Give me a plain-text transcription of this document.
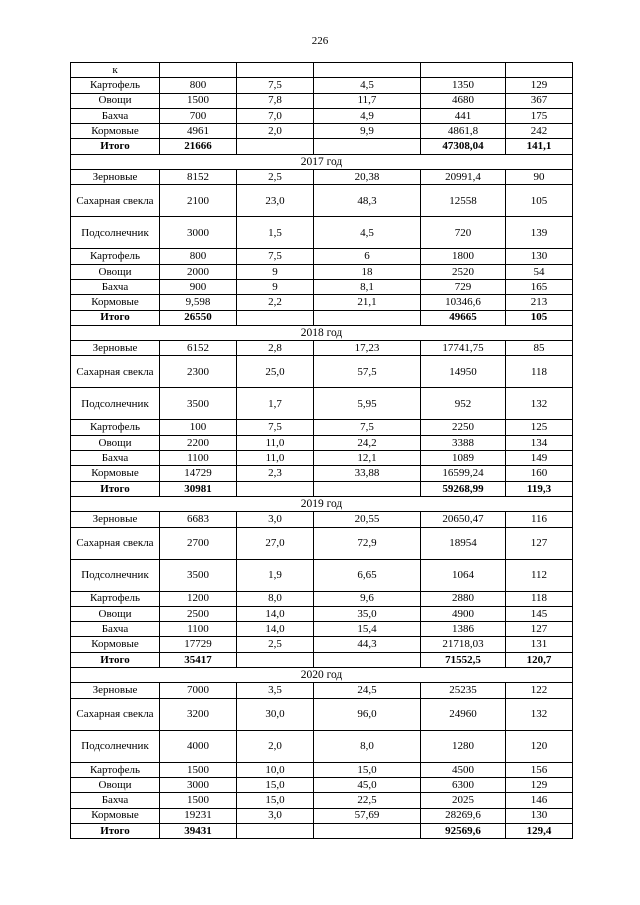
226
к					
Картофель	800	7,5	4,5	1350	129
Овощи	1500	7,8	11,7	4680	367
Бахча	700	7,0	4,9	441	175
Кормовые	4961	2,0	9,9	4861,8	242
Итого	21666			47308,04	141,1
2017 год					
Зерновые	8152	2,5	20,38	20991,4	90
Сахарная свекла	2100	23,0	48,3	12558	105
Подсолнечник	3000	1,5	4,5	720	139
Картофель	800	7,5	6	1800	130
Овощи	2000	9	18	2520	54
Бахча	900	9	8,1	729	165
Кормовые	9,598	2,2	21,1	10346,6	213
Итого	26550			49665	105
2018 год					
Зерновые	6152	2,8	17,23	17741,75	85
Сахарная свекла	2300	25,0	57,5	14950	118
Подсолнечник	3500	1,7	5,95	952	132
Картофель	100	7,5	7,5	2250	125
Овощи	2200	11,0	24,2	3388	134
Бахча	1100	11,0	12,1	1089	149
Кормовые	14729	2,3	33,88	16599,24	160
Итого	30981			59268,99	119,3
2019 год					
Зерновые	6683	3,0	20,55	20650,47	116
Сахарная свекла	2700	27,0	72,9	18954	127
Подсолнечник	3500	1,9	6,65	1064	112
Картофель	1200	8,0	9,6	2880	118
Овощи	2500	14,0	35,0	4900	145
Бахча	1100	14,0	15,4	1386	127
Кормовые	17729	2,5	44,3	21718,03	131
Итого	35417			71552,5	120,7
2020 год					
Зерновые	7000	3,5	24,5	25235	122
Сахарная свекла	3200	30,0	96,0	24960	132
Подсолнечник	4000	2,0	8,0	1280	120
Картофель	1500	10,0	15,0	4500	156
Овощи	3000	15,0	45,0	6300	129
Бахча	1500	15,0	22,5	2025	146
Кормовые	19231	3,0	57,69	28269,6	130
Итого	39431			92569,6	129,4
